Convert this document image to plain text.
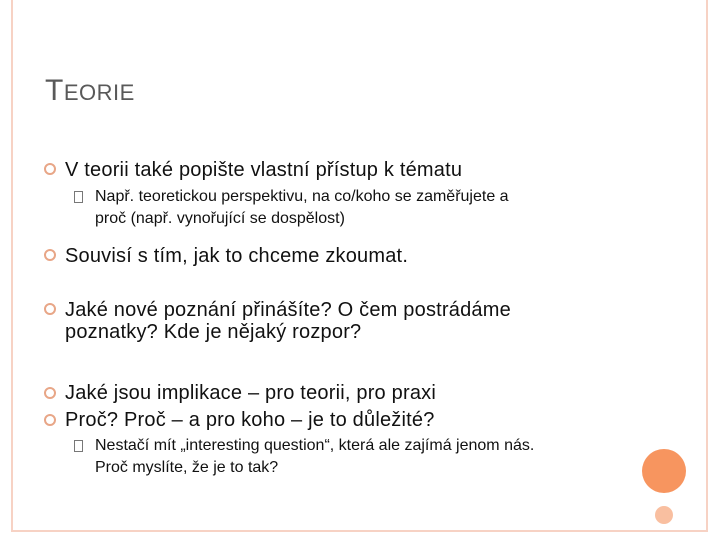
TEORIE
V teorii také popište vlastní přístup k tématu
Např. teoretickou perspektivu, na co/koho se zaměřujete a
proč (např. vynořující se dospělost)
Souvisí s tím, jak to chceme zkoumat.
Jaké nové poznání přinášíte? O čem postrádáme
poznatky? Kde je nějaký rozpor?
Jaké jsou implikace – pro teorii, pro praxi
Proč? Proč – a pro koho – je to důležité?
Nestačí mít „interesting question“, která ale zajímá jenom nás.
Proč myslíte, že je to tak?
